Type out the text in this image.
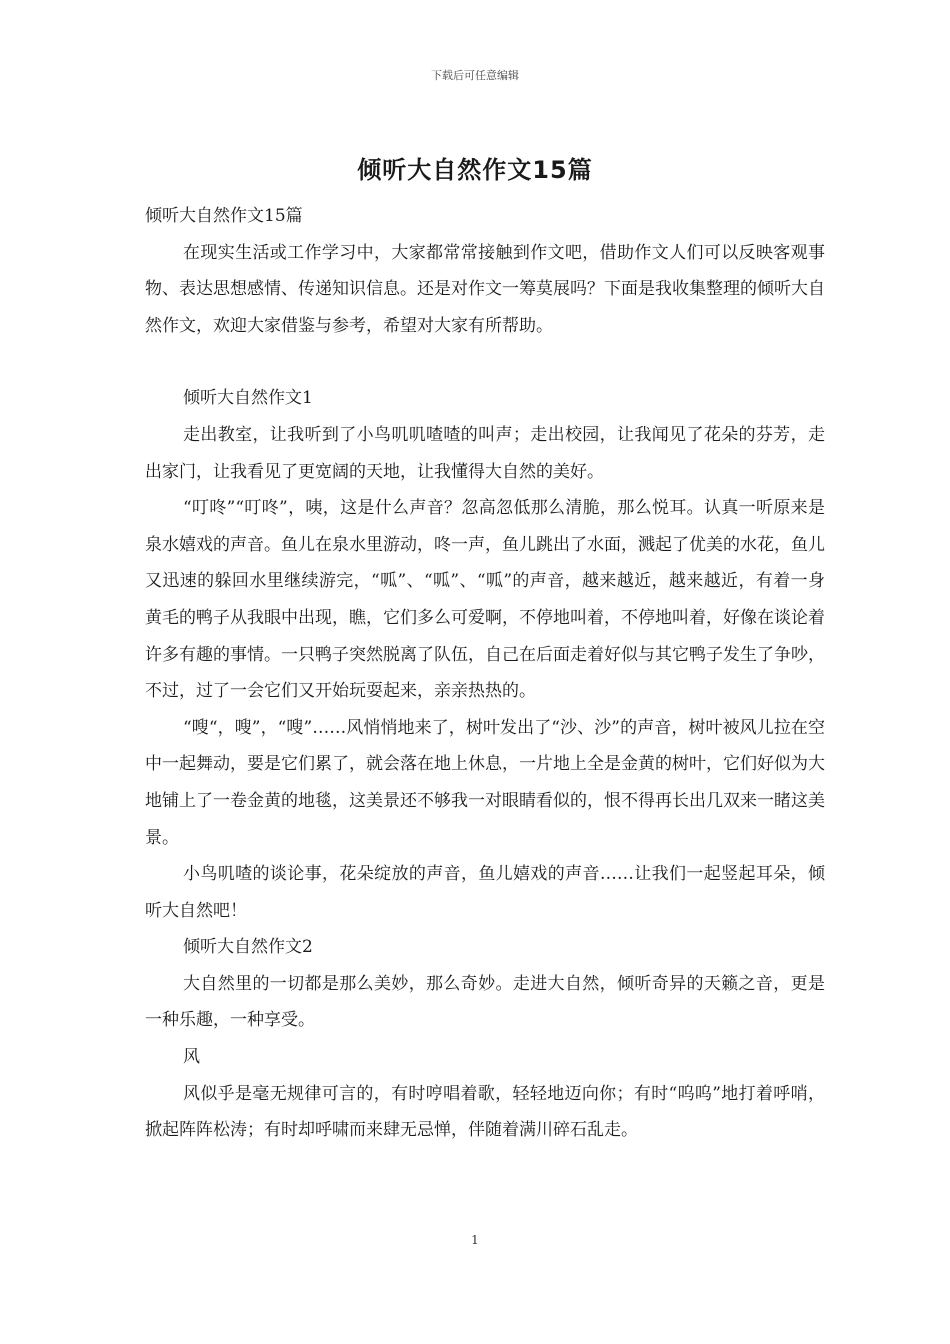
下载后可任意编辑
倾听大自然作文15篇

倾听大自然作文15篇

在现实生活或工作学习中，大家都常常接触到作文吧，借助作文人们可以反映客观事物、表达思想感情、传递知识信息。还是对作文一筹莫展吗？下面是我收集整理的倾听大自然作文，欢迎大家借鉴与参考，希望对大家有所帮助。

倾听大自然作文1

走出教室，让我听到了小鸟叽叽喳喳的叫声；走出校园，让我闻见了花朵的芬芳，走出家门，让我看见了更宽阔的天地，让我懂得大自然的美好。

“叮咚”“叮咚”，咦，这是什么声音？忽高忽低那么清脆，那么悦耳。认真一听原来是泉水嬉戏的声音。鱼儿在泉水里游动，咚一声，鱼儿跳出了水面，溅起了优美的水花，鱼儿又迅速的躲回水里继续游完，“呱”、“呱”、“呱”的声音，越来越近，越来越近，有着一身黄毛的鸭子从我眼中出现，瞧，它们多么可爱啊，不停地叫着，不停地叫着，好像在谈论着许多有趣的事情。一只鸭子突然脱离了队伍，自己在后面走着好似与其它鸭子发生了争吵，不过，过了一会它们又开始玩耍起来，亲亲热热的。

“嗖“，嗖”，“嗖”……风悄悄地来了，树叶发出了“沙、沙”的声音，树叶被风儿拉在空中一起舞动，要是它们累了，就会落在地上休息，一片地上全是金黄的树叶，它们好似为大地铺上了一卷金黄的地毯，这美景还不够我一对眼睛看似的，恨不得再长出几双来一睹这美景。

小鸟叽喳的谈论事，花朵绽放的声音，鱼儿嬉戏的声音……让我们一起竖起耳朵，倾听大自然吧！

倾听大自然作文2

大自然里的一切都是那么美妙，那么奇妙。走进大自然，倾听奇异的天籁之音，更是一种乐趣，一种享受。

风

风似乎是毫无规律可言的，有时哼唱着歌，轻轻地迈向你；有时“呜呜”地打着呼哨，掀起阵阵松涛；有时却呼啸而来肆无忌惮，伴随着满川碎石乱走。

1
